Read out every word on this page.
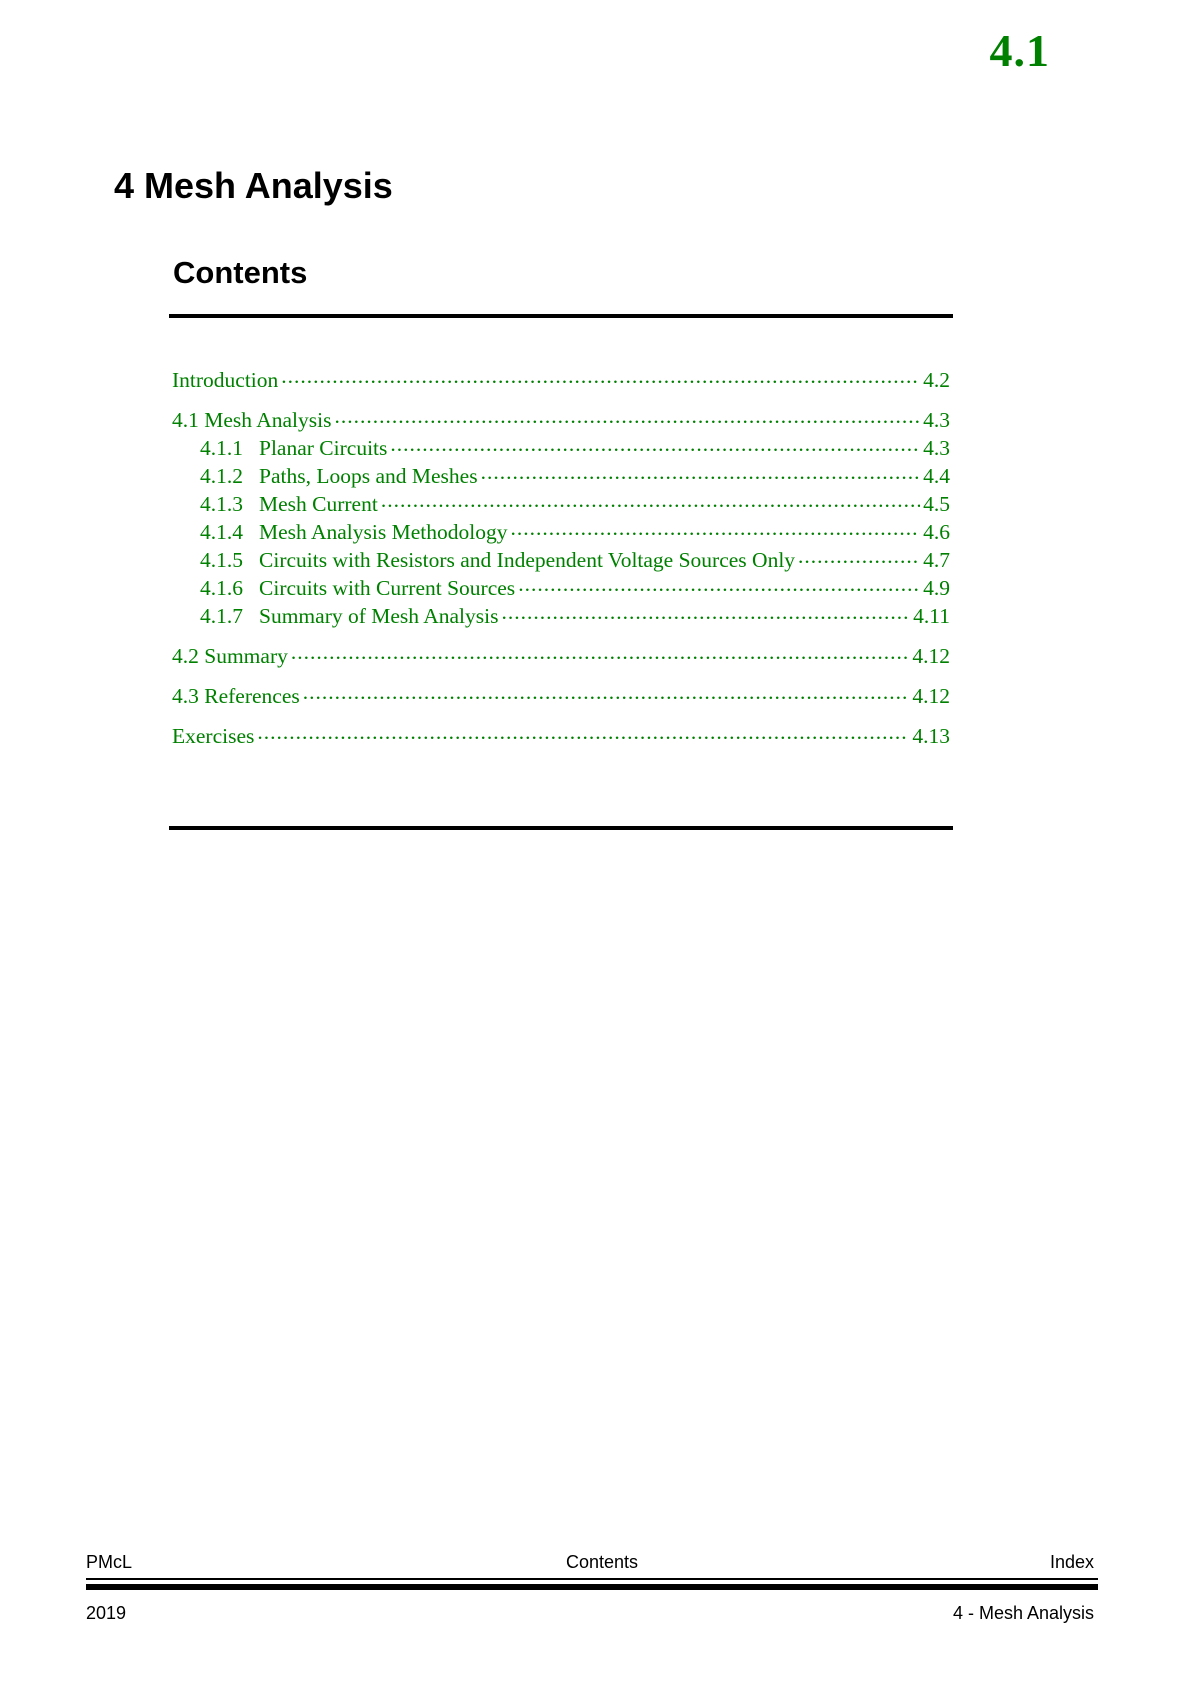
4.1
4 Mesh Analysis
Contents
Introduction .....	4.2
4.1 Mesh Analysis .....	4.3
4.1.1 Planar Circuits .....	4.3
4.1.2 Paths, Loops and Meshes .....	4.4
4.1.3 Mesh Current .....	4.5
4.1.4 Mesh Analysis Methodology .....	4.6
4.1.5 Circuits with Resistors and Independent Voltage Sources Only .....	4.7
4.1.6 Circuits with Current Sources .....	4.9
4.1.7 Summary of Mesh Analysis .....	4.11
4.2 Summary .....	4.12
4.3 References .....	4.12
Exercises .....	4.13
PMcL	Contents	Index
2019	4 - Mesh Analysis
